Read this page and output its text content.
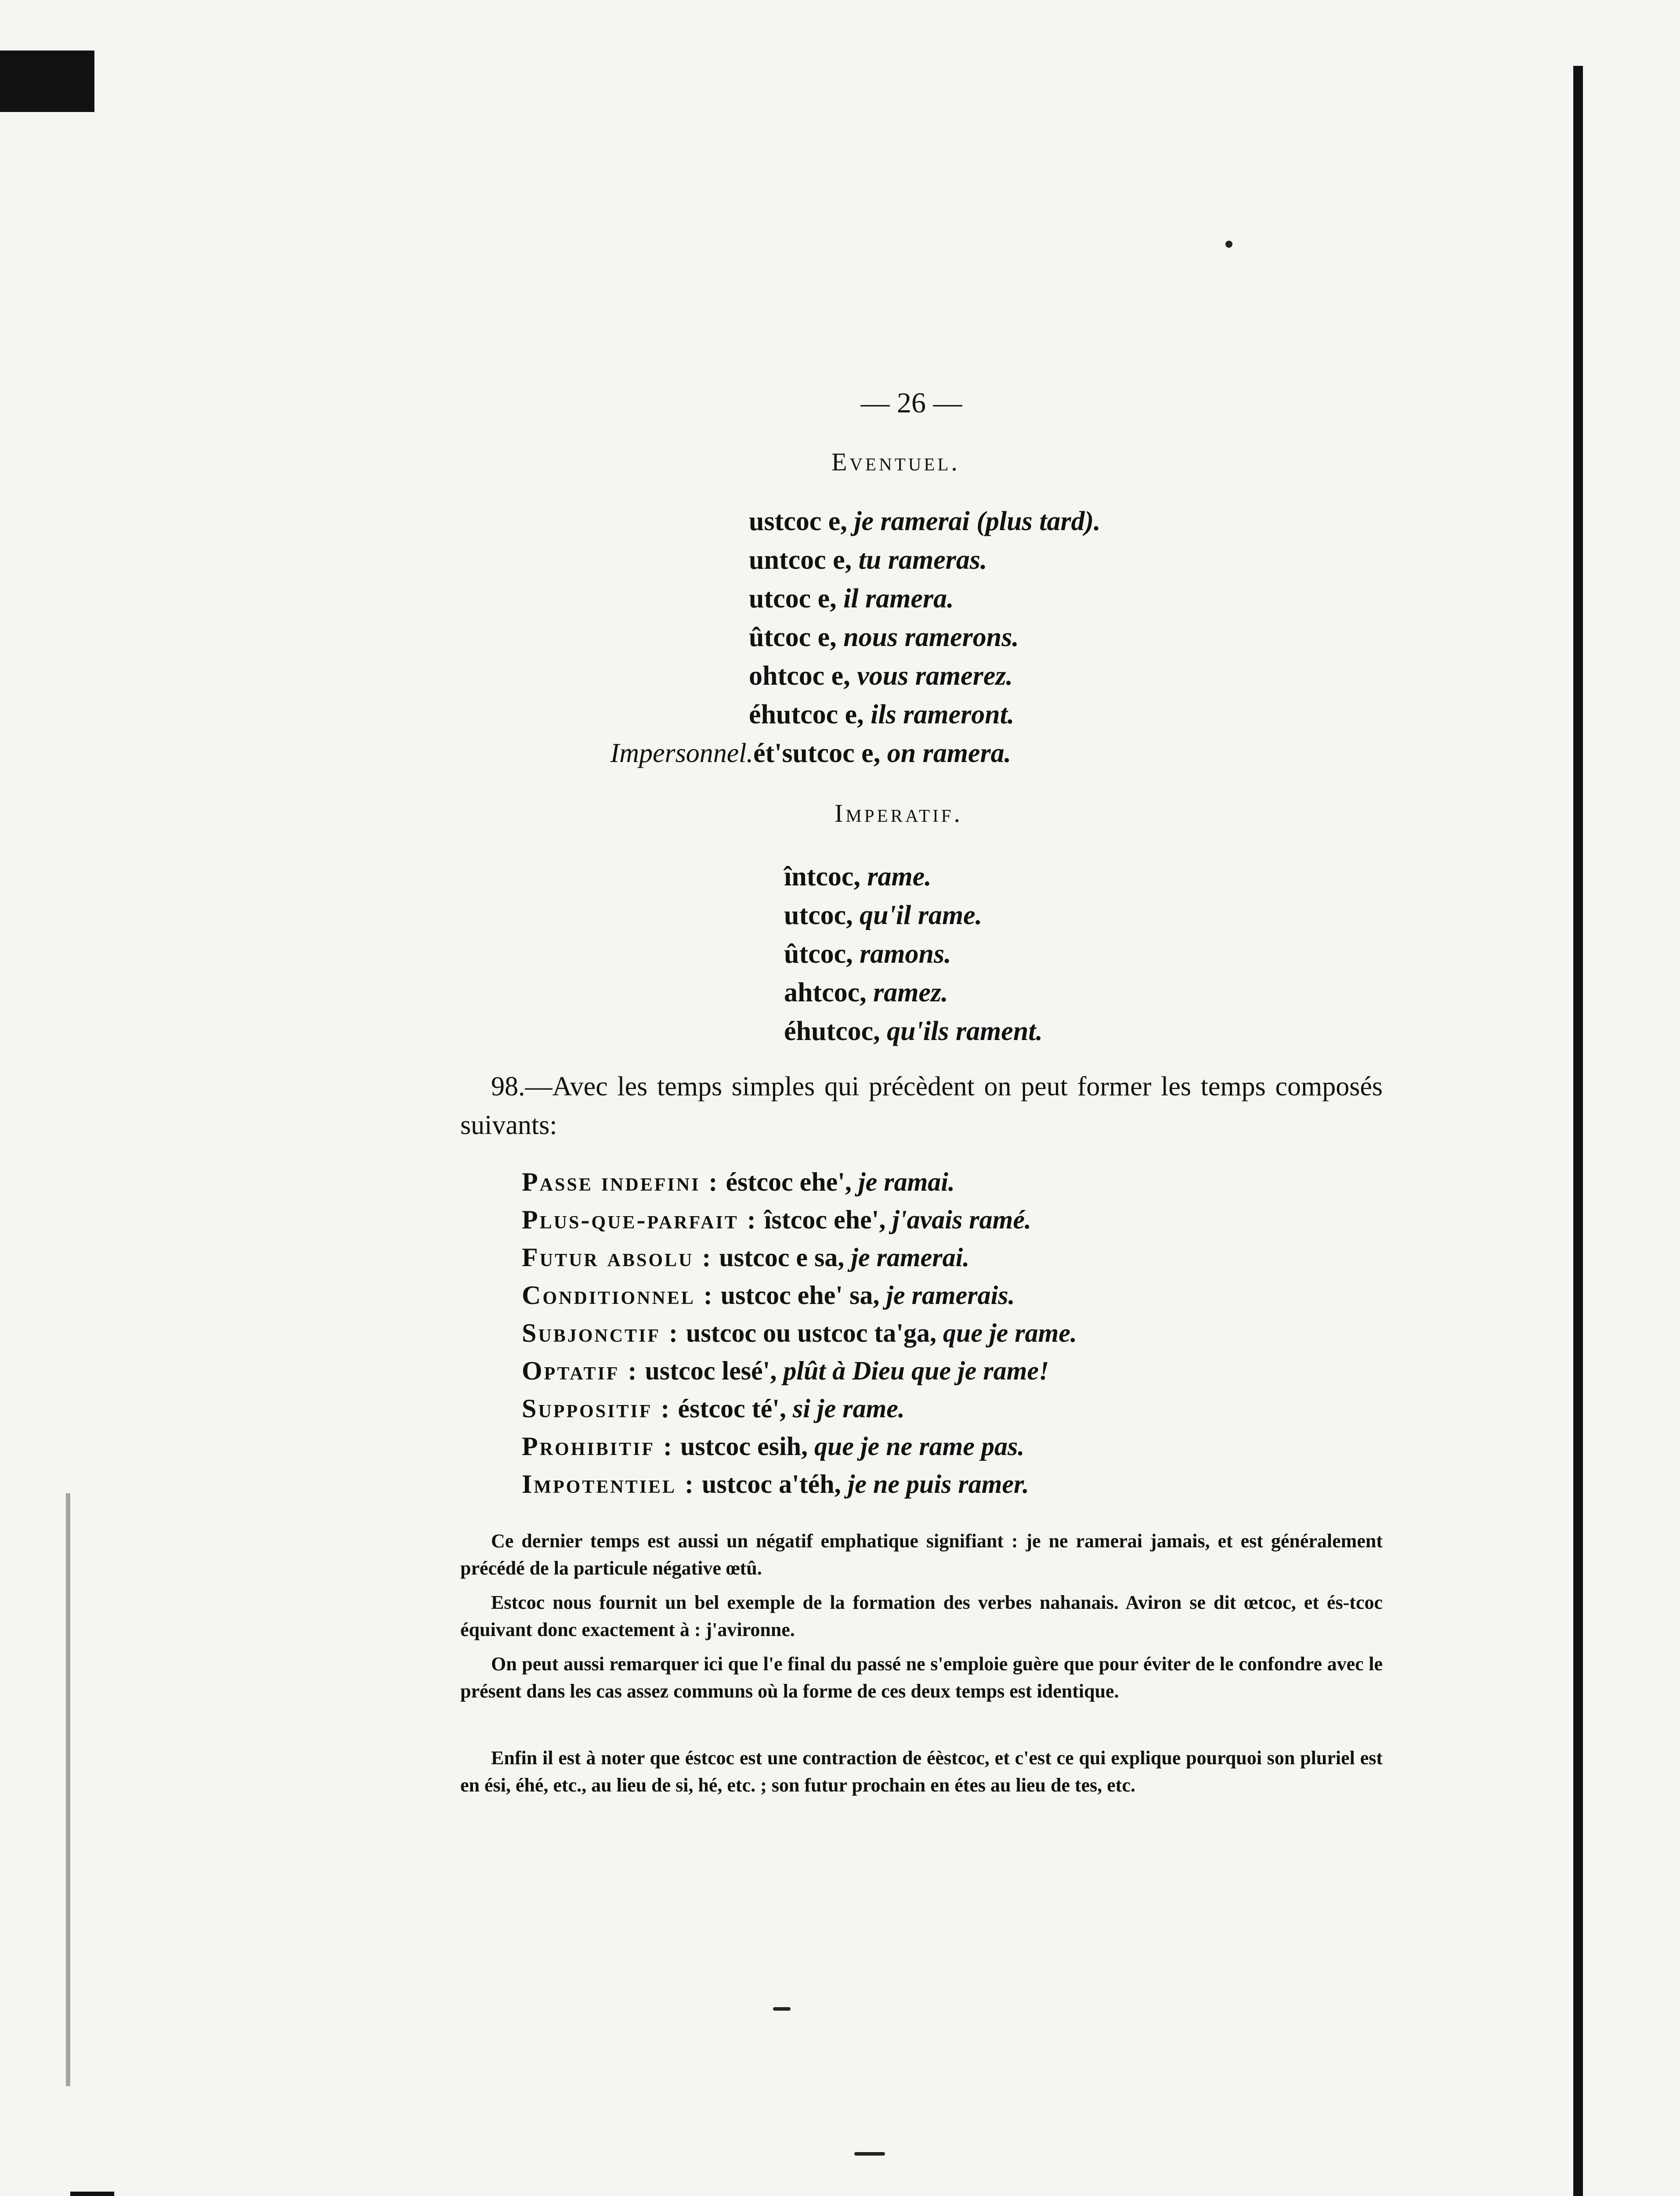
— 26 —
Eventuel.
ustcoc e, je ramerai (plus tard).
untcoc e, tu rameras.
utcoc e, il ramera.
ûtcoc e, nous ramerons.
ohtcoc e, vous ramerez.
éhutcoc e, ils rameront.
Impersonnel. ét'sutcoc e, on ramera.
Imperatif.
întcoc, rame.
utcoc, qu'il rame.
ûtcoc, ramons.
ahtcoc, ramez.
éhutcoc, qu'ils rament.
98.—Avec les temps simples qui précèdent on peut former les temps composés suivants:
Passe indefini : éstcoc ehe', je ramai.
Plus-que-parfait : îstcoc ehe', j'avais ramé.
Futur absolu : ustcoc e sa, je ramerai.
Conditionnel : ustcoc ehe' sa, je ramerais.
Subjonctif : ustcoc ou ustcoc ta'ga, que je rame.
Optatif : ustcoc lesé', plût à Dieu que je rame!
Suppositif : éstcoc té', si je rame.
Prohibitif : ustcoc esih, que je ne rame pas.
Impotentiel : ustcoc a'téh, je ne puis ramer.
Ce dernier temps est aussi un négatif emphatique signifiant : je ne ramerai jamais, et est généralement précédé de la particule négative œtû.
Estcoc nous fournit un bel exemple de la formation des verbes nahanais. Aviron se dit œtcoc, et és-tcoc équivant donc exactement à : j'avironne.
On peut aussi remarquer ici que l'e final du passé ne s'emploie guère que pour éviter de le confondre avec le présent dans les cas assez communs où la forme de ces deux temps est identique.
Enfin il est à noter que éstcoc est une contraction de éèstcoc, et c'est ce qui explique pourquoi son pluriel est en ési, éhé, etc., au lieu de si, hé, etc. ; son futur prochain en étes au lieu de tes, etc.
